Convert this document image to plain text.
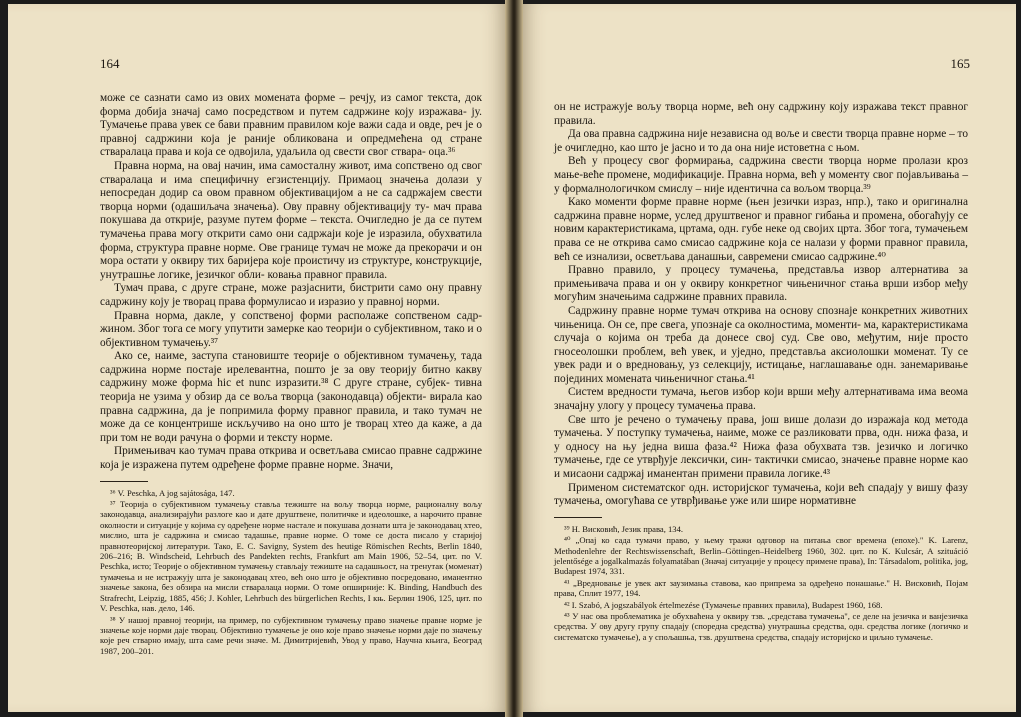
164

може се сазнати само из ових момената форме – речју, из самог текста, док форма добија значај само посредством и путем садржине коју изражава- ју. Тумачење права увек се бави правним правилом које важи сада и овде, реч је о правној садржини која је раније обликована и опредмећена од стране стваралаца права и која се одвојила, удаљила од свести свог ствара- оца.³⁶

Правна норма, на овај начин, има самосталну живот, има сопствено од свог стваралаца и има специфичну егзистенцију. Примаоц значења долази у непосредан додир са овом правном објективацијом а не са садржајем свести творца норми (одашиљача значења). Ову правну објективацију ту- мач права покушава да открије, разуме путем форме – текста. Очигледно је да се путем тумачења права могу открити само они садржаји које је изразила, обухватила форма, структура правне норме. Ове границе тумач не може да прекорачи и он мора остати у оквиру тих баријера које проистичу из структуре, конструкције, унутрашње логике, језичког обли- ковања правног правила.

Тумач права, с друге стране, може разјаснити, бистрити само ону правну садржину коју је творац права формулисао и изразио у правној норми.

Правна норма, дакле, у сопственој форми располаже сопственом садр- жином. Због тога се могу упутити замерке као теорији о субјективном, тако и о објективном тумачењу.³⁷

Ако се, наиме, заступа становиште теорије о објективном тумачењу, тада садржина норме постаје ирелевантна, пошто је за ову теорију битно какву садржину може форма hic et nunc изразити.³⁸ С друге стране, субјек- тивна теорија не узима у обзир да се воља творца (законодавца) објекти- вирала као правна садржина, да је попримила форму правног правила, и тако тумач не може да се концентрише искључиво на оно што је творац хтео да каже, а да при том не води рачуна о форми и тексту норме.

Примењивач као тумач права открива и осветљава смисао правне садржине која је изражена путем одређене форме правне норме. Значи,

³⁶ V. Peschka, A jog sajátosága, 147.

³⁷ Теорија о субјективном тумачењу ставља тежиште на вољу творца норме, рационалну вољу законодавца, анализирајући разлоге као и дате друштвене, политичке и идеолошке, а нарочито правне околности и ситуације у којима су одређене норме настале и покушава дознати шта је законодавац хтео, мислио, шта је садржина и смисао тадашње, правне норме. О томе се доста писало у старијој правнотеоријској литератури. Тако, Е. С. Savigny, System des heutige Römischen Rechts, Berlin 1840, 206–216; В. Windscheid, Lehrbuch des Pandekten rechts, Frankfurt am Main 1906, 52–54, цит. по V. Peschka, исто; Теорије о објективном тумачењу стављају тежиште на садашњост, на тренутак (моменат) тумачења и не истражују шта је законодавац хтео, већ оно што је објективно посредовано, иманентно значење закона, без обзира на мисли стваралаца норми. О томе опширније: K. Binding, Handbuch des Strafrecht, Leipzig, 1885, 456; J. Kohler, Lehrbuch des bürgerlichen Rechts, I књ. Берлин 1906, 125, цит. по V. Peschka, нав. дело, 146.

³⁸ У нашој правној теорији, на пример, по субјективном тумачењу право значење правне норме је значење које норми даје творац. Објективно тумачење је оно које право значење норми даје по значењу које реч стварно имају, шта саме речи значе. М. Димитријевић, Увод у право, Научна књига, Београд 1987, 200–201.

165

он не истражује вољу творца норме, већ ону садржину коју изражава текст правног правила.

Да ова правна садржина није независна од воље и свести творца правне норме – то је очигледно, као што је јасно и то да она није истоветна с њом.

Већ у процесу свог формирања, садржина свести творца норме пролази кроз мање-веће промене, модификације. Правна норма, већ у моменту свог појављивања – у формалнологичком смислу – није идентична са вољом творца.³⁹

Како моменти форме правне норме (њен језички израз, нпр.), тако и оригинална садржина правне норме, услед друштвеног и правног гибања и промена, обогаћују се новим карактеристикама, цртама, одн. губе неке од својих црта. Због тога, тумачењем права се не открива само смисао садржине која се налази у форми правног правила, већ се изнализи, осветљава данашњи, савремени смисао садржине.⁴⁰

Правно правило, у процесу тумачења, представља извор алтернатива за примењивача права и он у оквиру конкретног чињеничног стања врши избор међу могућим значењима садржине правних правила.

Садржину правне норме тумач открива на основу спознаје конкретних животних чињеница. Он се, пре свега, упознаје са околностима, моменти- ма, карактеристикама случаја о којима он треба да донесе свој суд. Све ово, међутим, није просто гносеолошки проблем, већ увек, и уједно, представља аксиолошки моменат. Ту се увек ради и о вредновању, уз селекцију, истицање, наглашавање одн. занемаривање појединих момената чињеничног стања.⁴¹

Систем вредности тумача, његов избор који врши међу алтернативама има веома значајну улогу у процесу тумачења права.

Све што је речено о тумачењу права, још више долази до изражаја код метода тумачења. У поступку тумачења, наиме, може се разликовати прва, одн. нижа фаза, и у односу на њу једна виша фаза.⁴² Нижа фаза обухвата тзв. језичко и логичко тумачење, где се утврђује лексички, син- тактички смисао, значење правне норме као и мисаони садржај иманентан примени правила логике.⁴³

Применом систематског одн. историјског тумачења, који већ спадају у вишу фазу тумачења, омогућава се утврђивање уже или шире нормативне

³⁹ Н. Висковић, Језик права, 134.

⁴⁰ „Опај ко сада тумачи право, у њему тражи одговор на питања свог времена (епохе)." K. Larenz, Methodenlehre der Rechtswissenschaft, Berlin–Göttingen–Heidelberg 1960, 302. цит. по K. Kulcsár, A szituáció jelentősége a jogalkalmazás folyamatában (Значај ситуације у процесу примене права), In: Társadalom, politika, jog, Budapest 1974, 331.

⁴¹ „Вредновање је увек акт заузимања ставова, као припрема за одређено понашање." Н. Висковић, Појам права, Сплит 1977, 194.

⁴² I. Szabó, A jogszabályok értelmezése (Тумачење правних правила), Budapest 1960, 168.

⁴³ У нас ова проблематика је обухваћена у оквиру тзв. „средстава тумачења", се деле на језичка и ванјезичка средства. У ову другу групу спадају (споредна средства) унутрашња средства, одн. средства логике (логичко и систематско тумачење), а у спољашња, тзв. друштвена средства, спадају историјско и циљно тумачење.
